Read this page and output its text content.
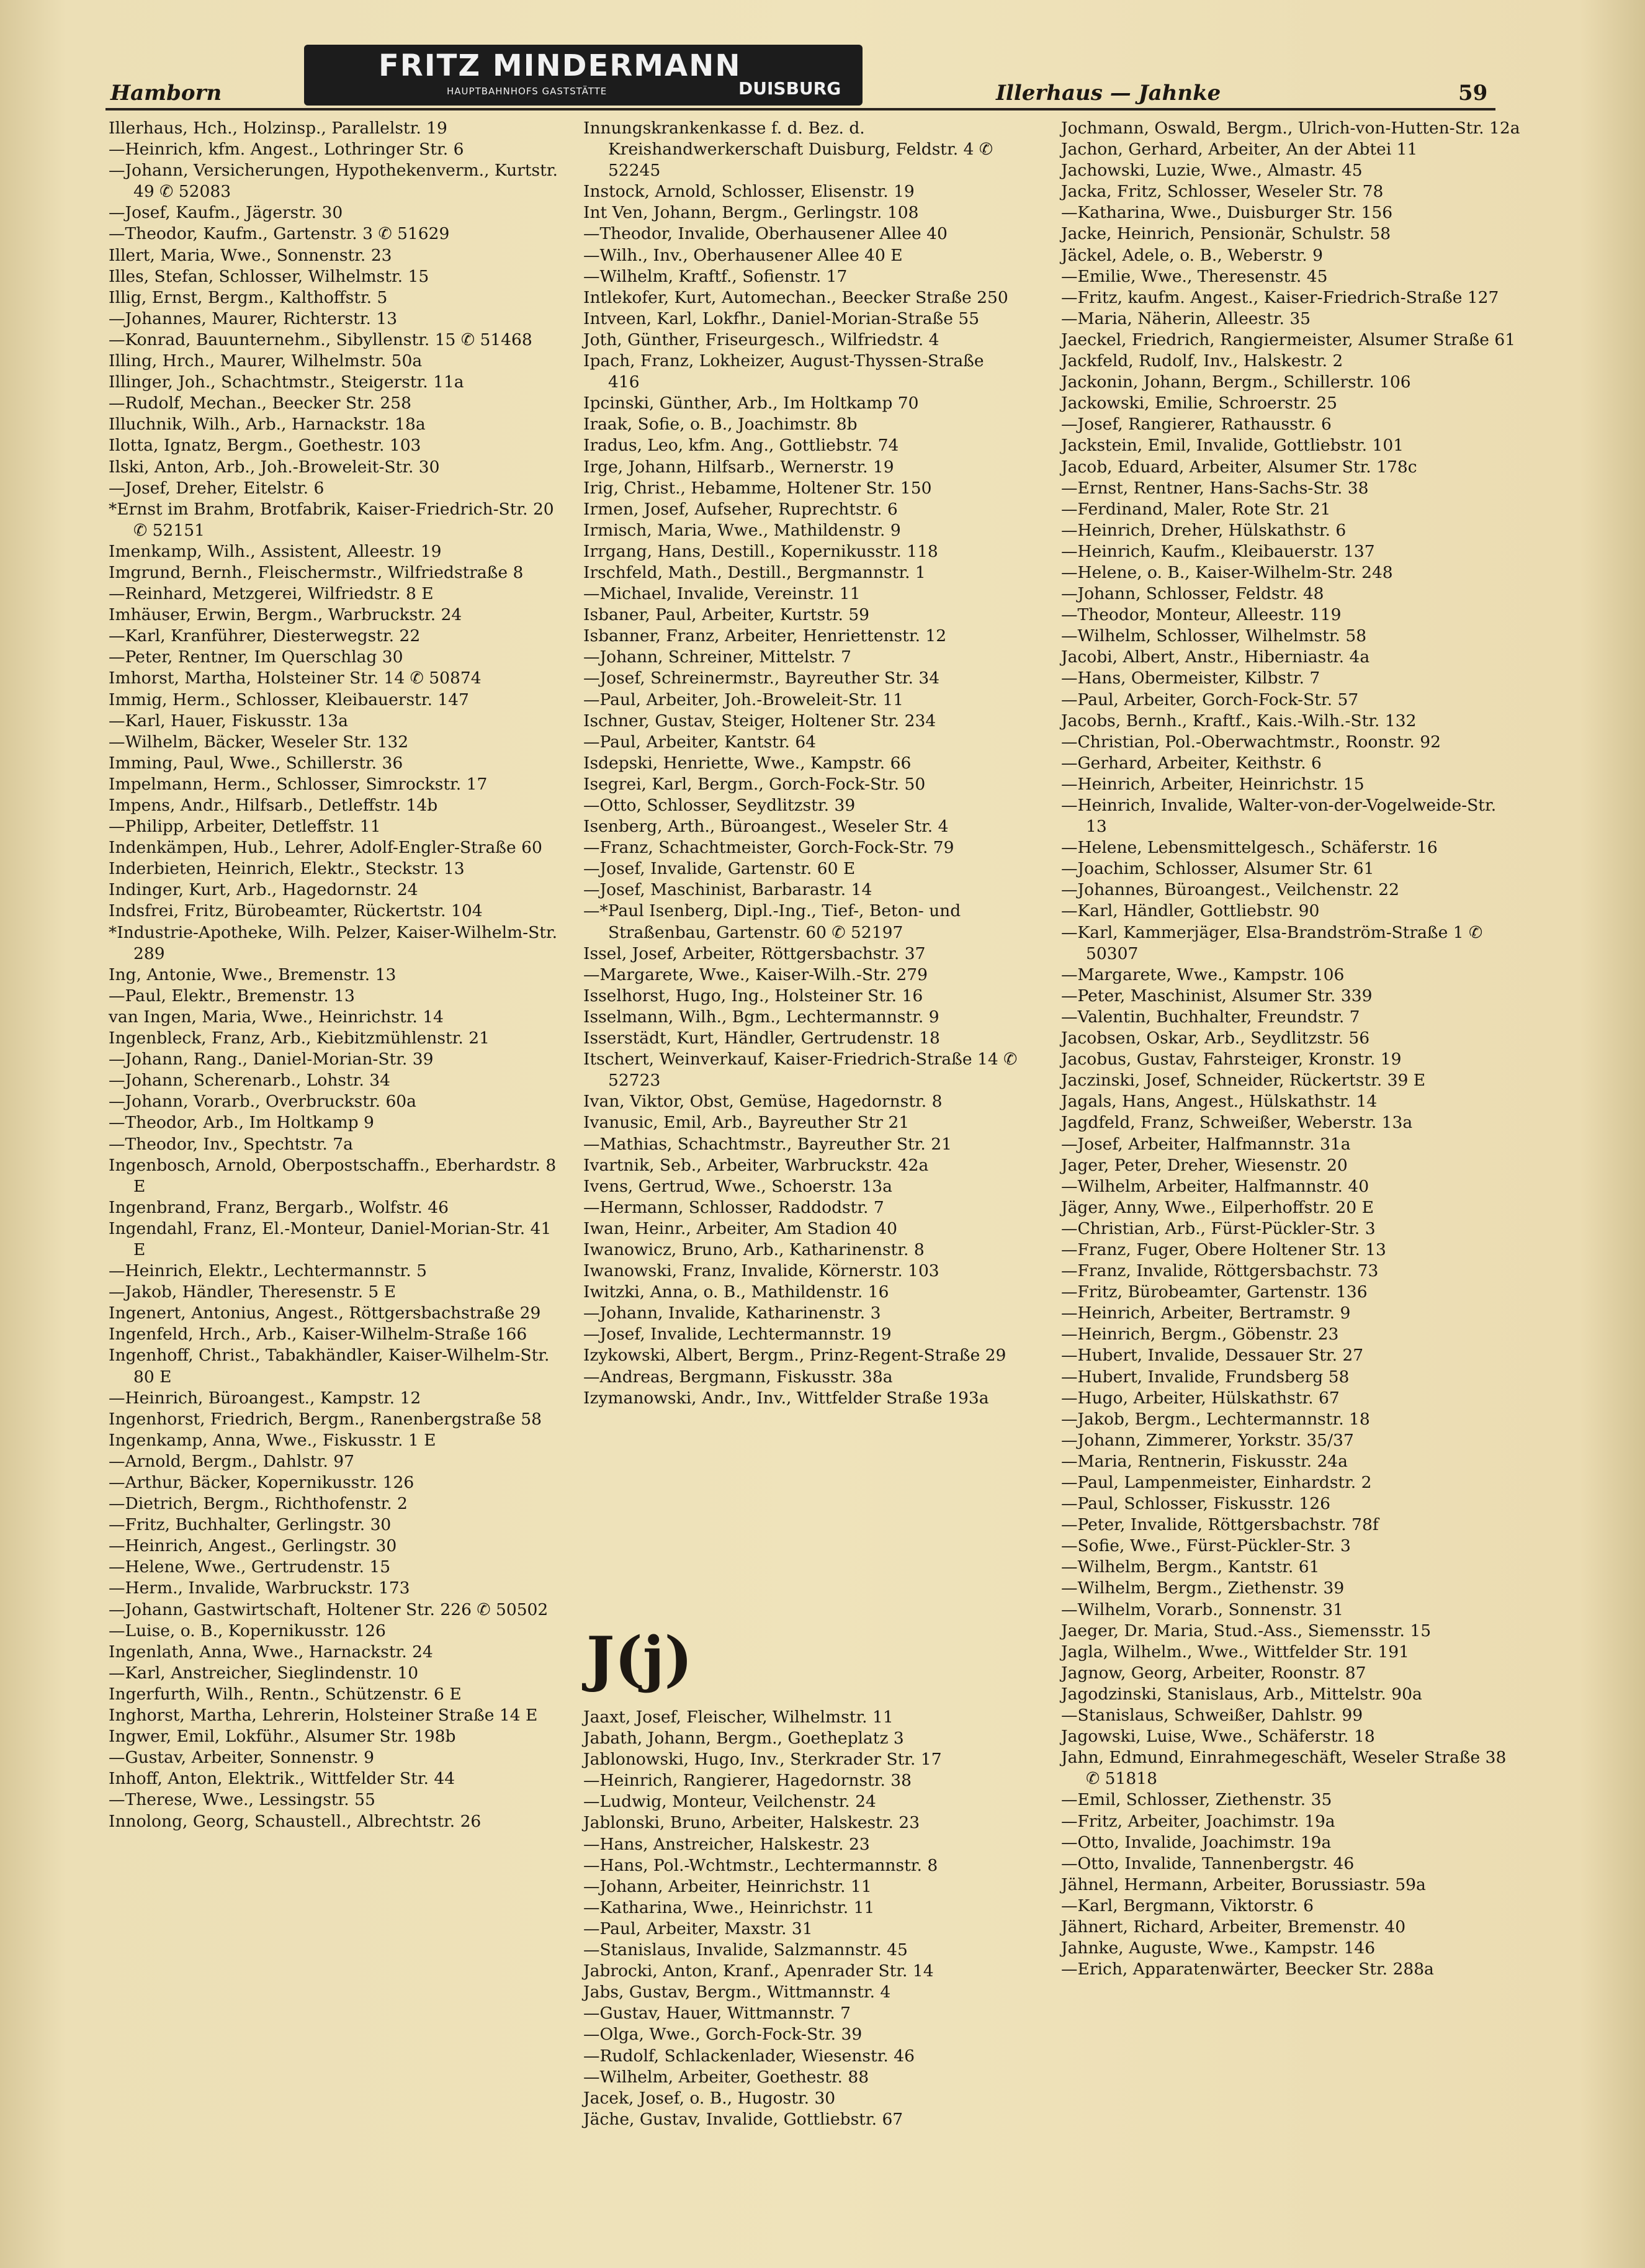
Hamborn
FRITZ MINDERMANN
HAUPTBAHNHOFS GASTSTÄTTE	DUISBURG	Illerhaus — Jahnke	59
Illerhaus, Hch., Holzinsp., Parallelstr. 19
—Heinrich, kfm. Angest., Lothringer Str. 6
—Johann, Versicherungen, Hypothekenverm., Kurtstr. 49 ✆ 52083
—Josef, Kaufm., Jägerstr. 30
—Theodor, Kaufm., Gartenstr. 3 ✆ 51629
Illert, Maria, Wwe., Sonnenstr. 23
Illes, Stefan, Schlosser, Wilhelmstr. 15
Illig, Ernst, Bergm., Kalthoffstr. 5
—Johannes, Maurer, Richterstr. 13
—Konrad, Bauunternehm., Sibyllenstr. 15 ✆ 51468
Illing, Hrch., Maurer, Wilhelmstr. 50a
Illinger, Joh., Schachtmstr., Steigerstr. 11a
—Rudolf, Mechan., Beecker Str. 258
Illuchnik, Wilh., Arb., Harnackstr. 18a
Ilotta, Ignatz, Bergm., Goethestr. 103
Ilski, Anton, Arb., Joh.-Broweleit-Str. 30
—Josef, Dreher, Eitelstr. 6
*Ernst im Brahm, Brotfabrik, Kaiser-Friedrich-Str. 20 ✆ 52151
Imenkamp, Wilh., Assistent, Alleestr. 19
Imgrund, Bernh., Fleischermstr., Wilfriedstraße 8
—Reinhard, Metzgerei, Wilfriedstr. 8 E
Imhäuser, Erwin, Bergm., Warbruckstr. 24
—Karl, Kranführer, Diesterwegstr. 22
—Peter, Rentner, Im Querschlag 30
Imhorst, Martha, Holsteiner Str. 14 ✆ 50874
Immig, Herm., Schlosser, Kleibauerstr. 147
—Karl, Hauer, Fiskusstr. 13a
—Wilhelm, Bäcker, Weseler Str. 132
Imming, Paul, Wwe., Schillerstr. 36
Impelmann, Herm., Schlosser, Simrockstr. 17
Impens, Andr., Hilfsarb., Detleffstr. 14b
—Philipp, Arbeiter, Detleffstr. 11
Indenkämpen, Hub., Lehrer, Adolf-Engler-Straße 60
Inderbieten, Heinrich, Elektr., Steckstr. 13
Indinger, Kurt, Arb., Hagedornstr. 24
Indsfrei, Fritz, Bürobeamter, Rückertstr. 104
*Industrie-Apotheke, Wilh. Pelzer, Kaiser-Wilhelm-Str. 289
Ing, Antonie, Wwe., Bremenstr. 13
—Paul, Elektr., Bremenstr. 13
van Ingen, Maria, Wwe., Heinrichstr. 14
Ingenbleck, Franz, Arb., Kiebitzmühlenstr. 21
—Johann, Rang., Daniel-Morian-Str. 39
—Johann, Scherenarb., Lohstr. 34
—Johann, Vorarb., Overbruckstr. 60a
—Theodor, Arb., Im Holtkamp 9
—Theodor, Inv., Spechtstr. 7a
Ingenbosch, Arnold, Oberpostschaffn., Eberhardstr. 8 E
Ingenbrand, Franz, Bergarb., Wolfstr. 46
Ingendahl, Franz, El.-Monteur, Daniel-Morian-Str. 41 E
—Heinrich, Elektr., Lechtermannstr. 5
—Jakob, Händler, Theresenstr. 5 E
Ingenert, Antonius, Angest., Röttgersbachstraße 29
Ingenfeld, Hrch., Arb., Kaiser-Wilhelm-Straße 166
Ingenhoff, Christ., Tabakhändler, Kaiser-Wilhelm-Str. 80 E
—Heinrich, Büroangest., Kampstr. 12
Ingenhorst, Friedrich, Bergm., Ranenbergstraße 58
Ingenkamp, Anna, Wwe., Fiskusstr. 1 E
—Arnold, Bergm., Dahlstr. 97
—Arthur, Bäcker, Kopernikusstr. 126
—Dietrich, Bergm., Richthofenstr. 2
—Fritz, Buchhalter, Gerlingstr. 30
—Heinrich, Angest., Gerlingstr. 30
—Helene, Wwe., Gertrudenstr. 15
—Herm., Invalide, Warbruckstr. 173
—Johann, Gastwirtschaft, Holtener Str. 226 ✆ 50502
—Luise, o. B., Kopernikusstr. 126
Ingenlath, Anna, Wwe., Harnackstr. 24
—Karl, Anstreicher, Sieglindenstr. 10
Ingerfurth, Wilh., Rentn., Schützenstr. 6 E
Inghorst, Martha, Lehrerin, Holsteiner Straße 14 E
Ingwer, Emil, Lokführ., Alsumer Str. 198b
—Gustav, Arbeiter, Sonnenstr. 9
Inhoff, Anton, Elektrik., Wittfelder Str. 44
—Therese, Wwe., Lessingstr. 55
Innolong, Georg, Schaustell., Albrechtstr. 26
Innungskrankenkasse f. d. Bez. d. Kreishandwerkerschaft Duisburg, Feldstr. 4 ✆ 52245
Instock, Arnold, Schlosser, Elisenstr. 19
Int Ven, Johann, Bergm., Gerlingstr. 108
—Theodor, Invalide, Oberhausener Allee 40
—Wilh., Inv., Oberhausener Allee 40 E
—Wilhelm, Kraftf., Sofienstr. 17
Intlekofer, Kurt, Automechan., Beecker Straße 250
Intveen, Karl, Lokfhr., Daniel-Morian-Straße 55
Joth, Günther, Friseurgesch., Wilfriedstr. 4
Ipach, Franz, Lokheizer, August-Thyssen-Straße 416
Ipcinski, Günther, Arb., Im Holtkamp 70
Iraak, Sofie, o. B., Joachimstr. 8b
Iradus, Leo, kfm. Ang., Gottliebstr. 74
Irge, Johann, Hilfsarb., Wernerstr. 19
Irig, Christ., Hebamme, Holtener Str. 150
Irmen, Josef, Aufseher, Ruprechtstr. 6
Irmisch, Maria, Wwe., Mathildenstr. 9
Irrgang, Hans, Destill., Kopernikusstr. 118
Irschfeld, Math., Destill., Bergmannstr. 1
—Michael, Invalide, Vereinstr. 11
Isbaner, Paul, Arbeiter, Kurtstr. 59
Isbanner, Franz, Arbeiter, Henriettenstr. 12
—Johann, Schreiner, Mittelstr. 7
—Josef, Schreinermstr., Bayreuther Str. 34
—Paul, Arbeiter, Joh.-Broweleit-Str. 11
Ischner, Gustav, Steiger, Holtener Str. 234
—Paul, Arbeiter, Kantstr. 64
Isdepski, Henriette, Wwe., Kampstr. 66
Isegrei, Karl, Bergm., Gorch-Fock-Str. 50
—Otto, Schlosser, Seydlitzstr. 39
Isenberg, Arth., Büroangest., Weseler Str. 4
—Franz, Schachtmeister, Gorch-Fock-Str. 79
—Josef, Invalide, Gartenstr. 60 E
—Josef, Maschinist, Barbarastr. 14
—*Paul Isenberg, Dipl.-Ing., Tief-, Beton- und Straßenbau, Gartenstr. 60 ✆ 52197
Issel, Josef, Arbeiter, Röttgersbachstr. 37
—Margarete, Wwe., Kaiser-Wilh.-Str. 279
Isselhorst, Hugo, Ing., Holsteiner Str. 16
Isselmann, Wilh., Bgm., Lechtermannstr. 9
Isserstädt, Kurt, Händler, Gertrudenstr. 18
Itschert, Weinverkauf, Kaiser-Friedrich-Straße 14 ✆ 52723
Ivan, Viktor, Obst, Gemüse, Hagedornstr. 8
Ivanusic, Emil, Arb., Bayreuther Str 21
—Mathias, Schachtmstr., Bayreuther Str. 21
Ivartnik, Seb., Arbeiter, Warbruckstr. 42a
Ivens, Gertrud, Wwe., Schoerstr. 13a
—Hermann, Schlosser, Raddodstr. 7
Iwan, Heinr., Arbeiter, Am Stadion 40
Iwanowicz, Bruno, Arb., Katharinenstr. 8
Iwanowski, Franz, Invalide, Körnerstr. 103
Iwitzki, Anna, o. B., Mathildenstr. 16
—Johann, Invalide, Katharinenstr. 3
—Josef, Invalide, Lechtermannstr. 19
Izykowski, Albert, Bergm., Prinz-Regent-Straße 29
—Andreas, Bergmann, Fiskusstr. 38a
Izymanowski, Andr., Inv., Wittfelder Straße 193a
J(j)
Jaaxt, Josef, Fleischer, Wilhelmstr. 11
Jabath, Johann, Bergm., Goetheplatz 3
Jablonowski, Hugo, Inv., Sterkrader Str. 17
—Heinrich, Rangierer, Hagedornstr. 38
—Ludwig, Monteur, Veilchenstr. 24
Jablonski, Bruno, Arbeiter, Halskestr. 23
—Hans, Anstreicher, Halskestr. 23
—Hans, Pol.-Wchtmstr., Lechtermannstr. 8
—Johann, Arbeiter, Heinrichstr. 11
—Katharina, Wwe., Heinrichstr. 11
—Paul, Arbeiter, Maxstr. 31
—Stanislaus, Invalide, Salzmannstr. 45
Jabrocki, Anton, Kranf., Apenrader Str. 14
Jabs, Gustav, Bergm., Wittmannstr. 4
—Gustav, Hauer, Wittmannstr. 7
—Olga, Wwe., Gorch-Fock-Str. 39
—Rudolf, Schlackenlader, Wiesenstr. 46
—Wilhelm, Arbeiter, Goethestr. 88
Jacek, Josef, o. B., Hugostr. 30
Jäche, Gustav, Invalide, Gottliebstr. 67
Jochmann, Oswald, Bergm., Ulrich-von-Hutten-Str. 12a
Jachon, Gerhard, Arbeiter, An der Abtei 11
Jachowski, Luzie, Wwe., Almastr. 45
Jacka, Fritz, Schlosser, Weseler Str. 78
—Katharina, Wwe., Duisburger Str. 156
Jacke, Heinrich, Pensionär, Schulstr. 58
Jäckel, Adele, o. B., Weberstr. 9
—Emilie, Wwe., Theresenstr. 45
—Fritz, kaufm. Angest., Kaiser-Friedrich-Straße 127
—Maria, Näherin, Alleestr. 35
Jaeckel, Friedrich, Rangiermeister, Alsumer Straße 61
Jackfeld, Rudolf, Inv., Halskestr. 2
Jackonin, Johann, Bergm., Schillerstr. 106
Jackowski, Emilie, Schroerstr. 25
—Josef, Rangierer, Rathausstr. 6
Jackstein, Emil, Invalide, Gottliebstr. 101
Jacob, Eduard, Arbeiter, Alsumer Str. 178c
—Ernst, Rentner, Hans-Sachs-Str. 38
—Ferdinand, Maler, Rote Str. 21
—Heinrich, Dreher, Hülskathstr. 6
—Heinrich, Kaufm., Kleibauerstr. 137
—Helene, o. B., Kaiser-Wilhelm-Str. 248
—Johann, Schlosser, Feldstr. 48
—Theodor, Monteur, Alleestr. 119
—Wilhelm, Schlosser, Wilhelmstr. 58
Jacobi, Albert, Anstr., Hiberniastr. 4a
—Hans, Obermeister, Kilbstr. 7
—Paul, Arbeiter, Gorch-Fock-Str. 57
Jacobs, Bernh., Kraftf., Kais.-Wilh.-Str. 132
—Christian, Pol.-Oberwachtmstr., Roonstr. 92
—Gerhard, Arbeiter, Keithstr. 6
—Heinrich, Arbeiter, Heinrichstr. 15
—Heinrich, Invalide, Walter-von-der-Vogelweide-Str. 13
—Helene, Lebensmittelgesch., Schäferstr. 16
—Joachim, Schlosser, Alsumer Str. 61
—Johannes, Büroangest., Veilchenstr. 22
—Karl, Händler, Gottliebstr. 90
—Karl, Kammerjäger, Elsa-Brandström-Straße 1 ✆ 50307
—Margarete, Wwe., Kampstr. 106
—Peter, Maschinist, Alsumer Str. 339
—Valentin, Buchhalter, Freundstr. 7
Jacobsen, Oskar, Arb., Seydlitzstr. 56
Jacobus, Gustav, Fahrsteiger, Kronstr. 19
Jaczinski, Josef, Schneider, Rückertstr. 39 E
Jagals, Hans, Angest., Hülskathstr. 14
Jagdfeld, Franz, Schweißer, Weberstr. 13a
—Josef, Arbeiter, Halfmannstr. 31a
Jager, Peter, Dreher, Wiesenstr. 20
—Wilhelm, Arbeiter, Halfmannstr. 40
Jäger, Anny, Wwe., Eilperhoffstr. 20 E
—Christian, Arb., Fürst-Pückler-Str. 3
—Franz, Fuger, Obere Holtener Str. 13
—Franz, Invalide, Röttgersbachstr. 73
—Fritz, Bürobeamter, Gartenstr. 136
—Heinrich, Arbeiter, Bertramstr. 9
—Heinrich, Bergm., Göbenstr. 23
—Hubert, Invalide, Dessauer Str. 27
—Hubert, Invalide, Frundsberg 58
—Hugo, Arbeiter, Hülskathstr. 67
—Jakob, Bergm., Lechtermannstr. 18
—Johann, Zimmerer, Yorkstr. 35/37
—Maria, Rentnerin, Fiskusstr. 24a
—Paul, Lampenmeister, Einhardstr. 2
—Paul, Schlosser, Fiskusstr. 126
—Peter, Invalide, Röttgersbachstr. 78f
—Sofie, Wwe., Fürst-Pückler-Str. 3
—Wilhelm, Bergm., Kantstr. 61
—Wilhelm, Bergm., Ziethenstr. 39
—Wilhelm, Vorarb., Sonnenstr. 31
Jaeger, Dr. Maria, Stud.-Ass., Siemensstr. 15
Jagla, Wilhelm., Wwe., Wittfelder Str. 191
Jagnow, Georg, Arbeiter, Roonstr. 87
Jagodzinski, Stanislaus, Arb., Mittelstr. 90a
—Stanislaus, Schweißer, Dahlstr. 99
Jagowski, Luise, Wwe., Schäferstr. 18
Jahn, Edmund, Einrahmegeschäft, Weseler Straße 38 ✆ 51818
—Emil, Schlosser, Ziethenstr. 35
—Fritz, Arbeiter, Joachimstr. 19a
—Otto, Invalide, Joachimstr. 19a
—Otto, Invalide, Tannenbergstr. 46
Jähnel, Hermann, Arbeiter, Borussiastr. 59a
—Karl, Bergmann, Viktorstr. 6
Jähnert, Richard, Arbeiter, Bremenstr. 40
Jahnke, Auguste, Wwe., Kampstr. 146
—Erich, Apparatenwärter, Beecker Str. 288a
